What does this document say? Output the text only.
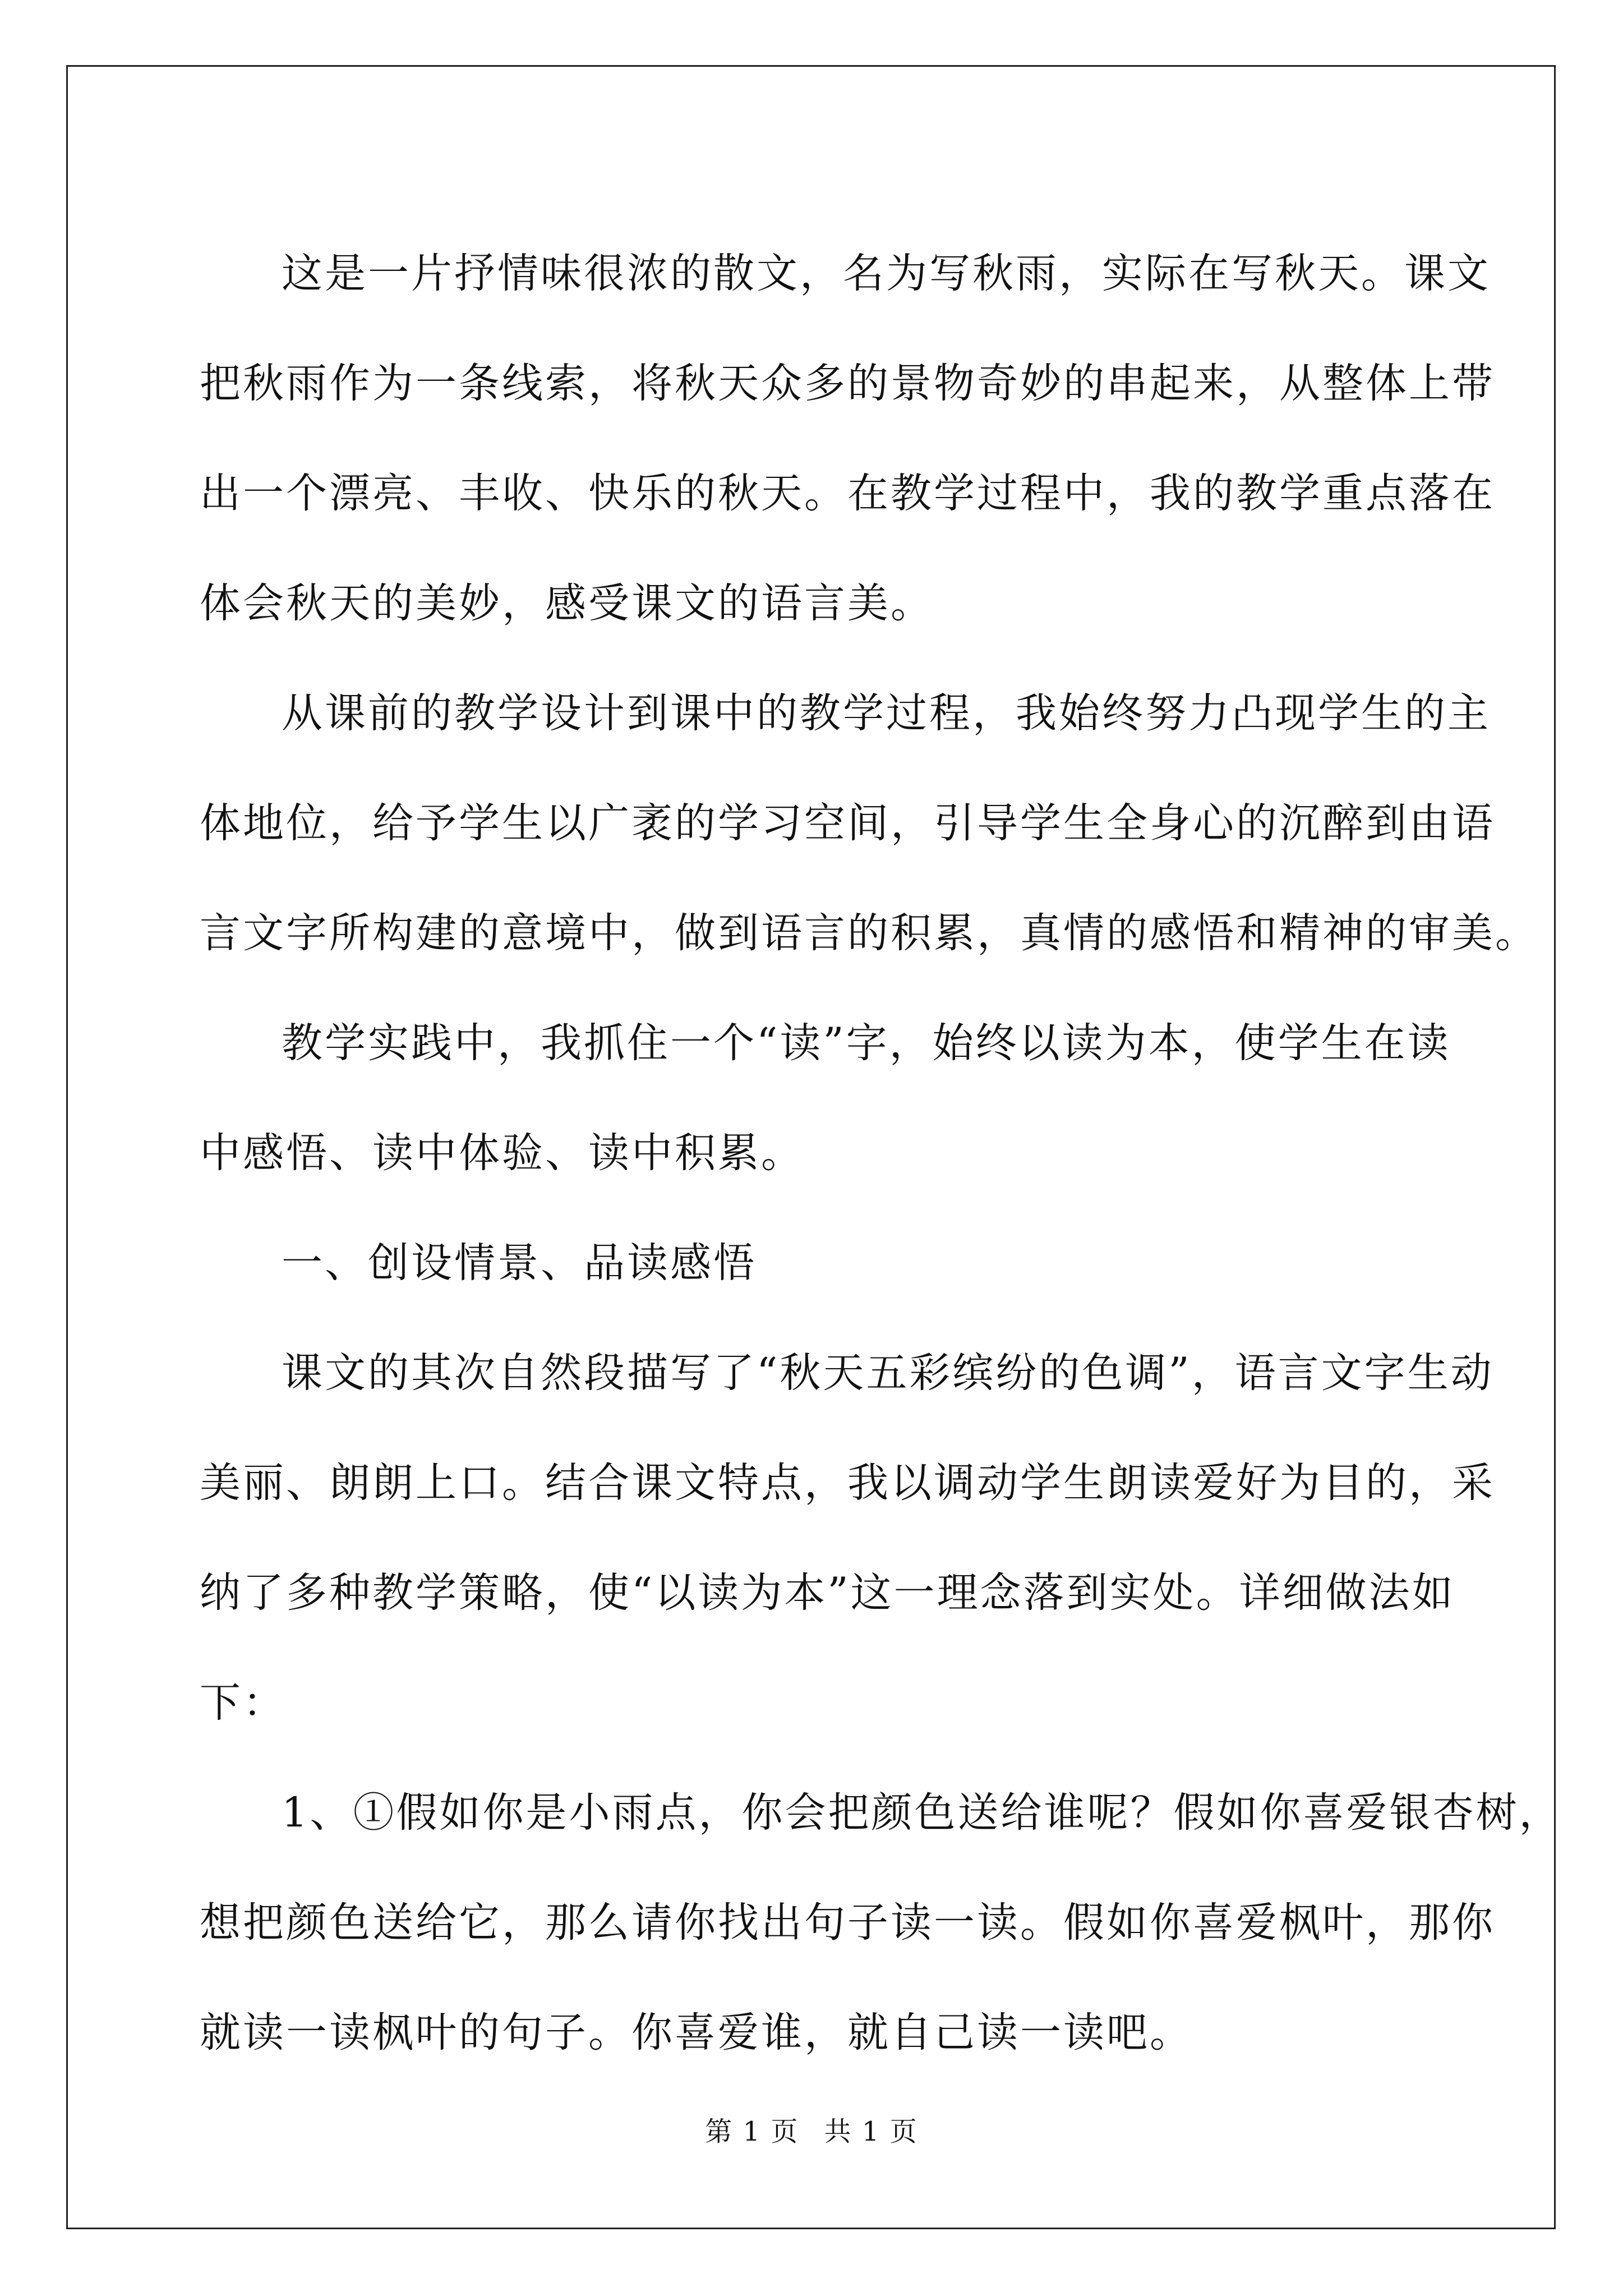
这是一片抒情味很浓的散文，名为写秋雨，实际在写秋天。课文
把秋雨作为一条线索，将秋天众多的景物奇妙的串起来，从整体上带
出一个漂亮、丰收、快乐的秋天。在教学过程中，我的教学重点落在
体会秋天的美妙，感受课文的语言美。

从课前的教学设计到课中的教学过程，我始终努力凸现学生的主
体地位，给予学生以广袤的学习空间，引导学生全身心的沉醉到由语
言文字所构建的意境中，做到语言的积累，真情的感悟和精神的审美。

教学实践中，我抓住一个“读”字，始终以读为本，使学生在读
中感悟、读中体验、读中积累。

一、创设情景、品读感悟

课文的其次自然段描写了“秋天五彩缤纷的色调”，语言文字生动
美丽、朗朗上口。结合课文特点，我以调动学生朗读爱好为目的，采
纳了多种教学策略，使“以读为本”这一理念落到实处。详细做法如
下：

1、①假如你是小雨点，你会把颜色送给谁呢？假如你喜爱银杏树，
想把颜色送给它，那么请你找出句子读一读。假如你喜爱枫叶，那你
就读一读枫叶的句子。你喜爱谁，就自己读一读吧。

第 1 页 共 1 页
